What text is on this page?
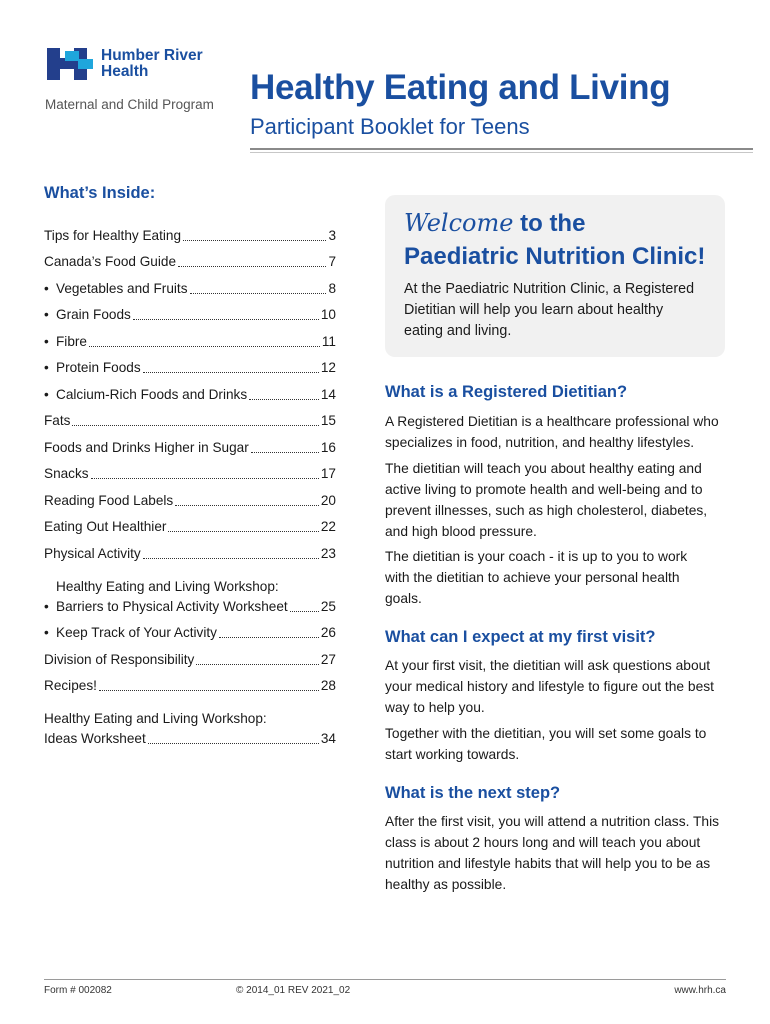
Humber River
Health
Maternal and Child Program Healthy Eating and Living
Participant Booklet for Teens
What’s Inside:
Tips for Healthy Eating	3
Canada’s Food Guide	7
• Vegetables and Fruits	8
• Grain Foods	10
• Fibre	11
• Protein Foods	12
• Calcium-Rich Foods and Drinks	14
Fats	15
Foods and Drinks Higher in Sugar	16
Snacks	17
Reading Food Labels	20
Eating Out Healthier	22
Physical Activity	23
•
Healthy Eating and Living Workshop:
Barriers to Physical Activity Worksheet 25
• Keep Track of Your Activity	26
Division of Responsibility	27
Recipes!	28
Healthy Eating and Living Workshop:
Ideas Worksheet	34
Welcome to the
Paediatric Nutrition Clinic!
At the Paediatric Nutrition Clinic, a Registered Dietitian will help you learn about healthy eating and living.
What is a Registered Dietitian?
A Registered Dietitian is a healthcare professional who specializes in food, nutrition, and healthy lifestyles.
The dietitian will teach you about healthy eating and active living to promote health and well-being and to prevent illnesses, such as high cholesterol, diabetes, and high blood pressure.
The dietitian is your coach - it is up to you to work with the dietitian to achieve your personal health goals.
What can I expect at my first visit?
At your first visit, the dietitian will ask questions about your medical history and lifestyle to figure out the best way to help you.
Together with the dietitian, you will set some goals to start working towards.
What is the next step?
After the first visit, you will attend a nutrition class. This class is about 2 hours long and will teach you about nutrition and lifestyle habits that will help you to be as healthy as possible.
Form # 002082	© 2014_01 REV 2021_02	www.hrh.ca
